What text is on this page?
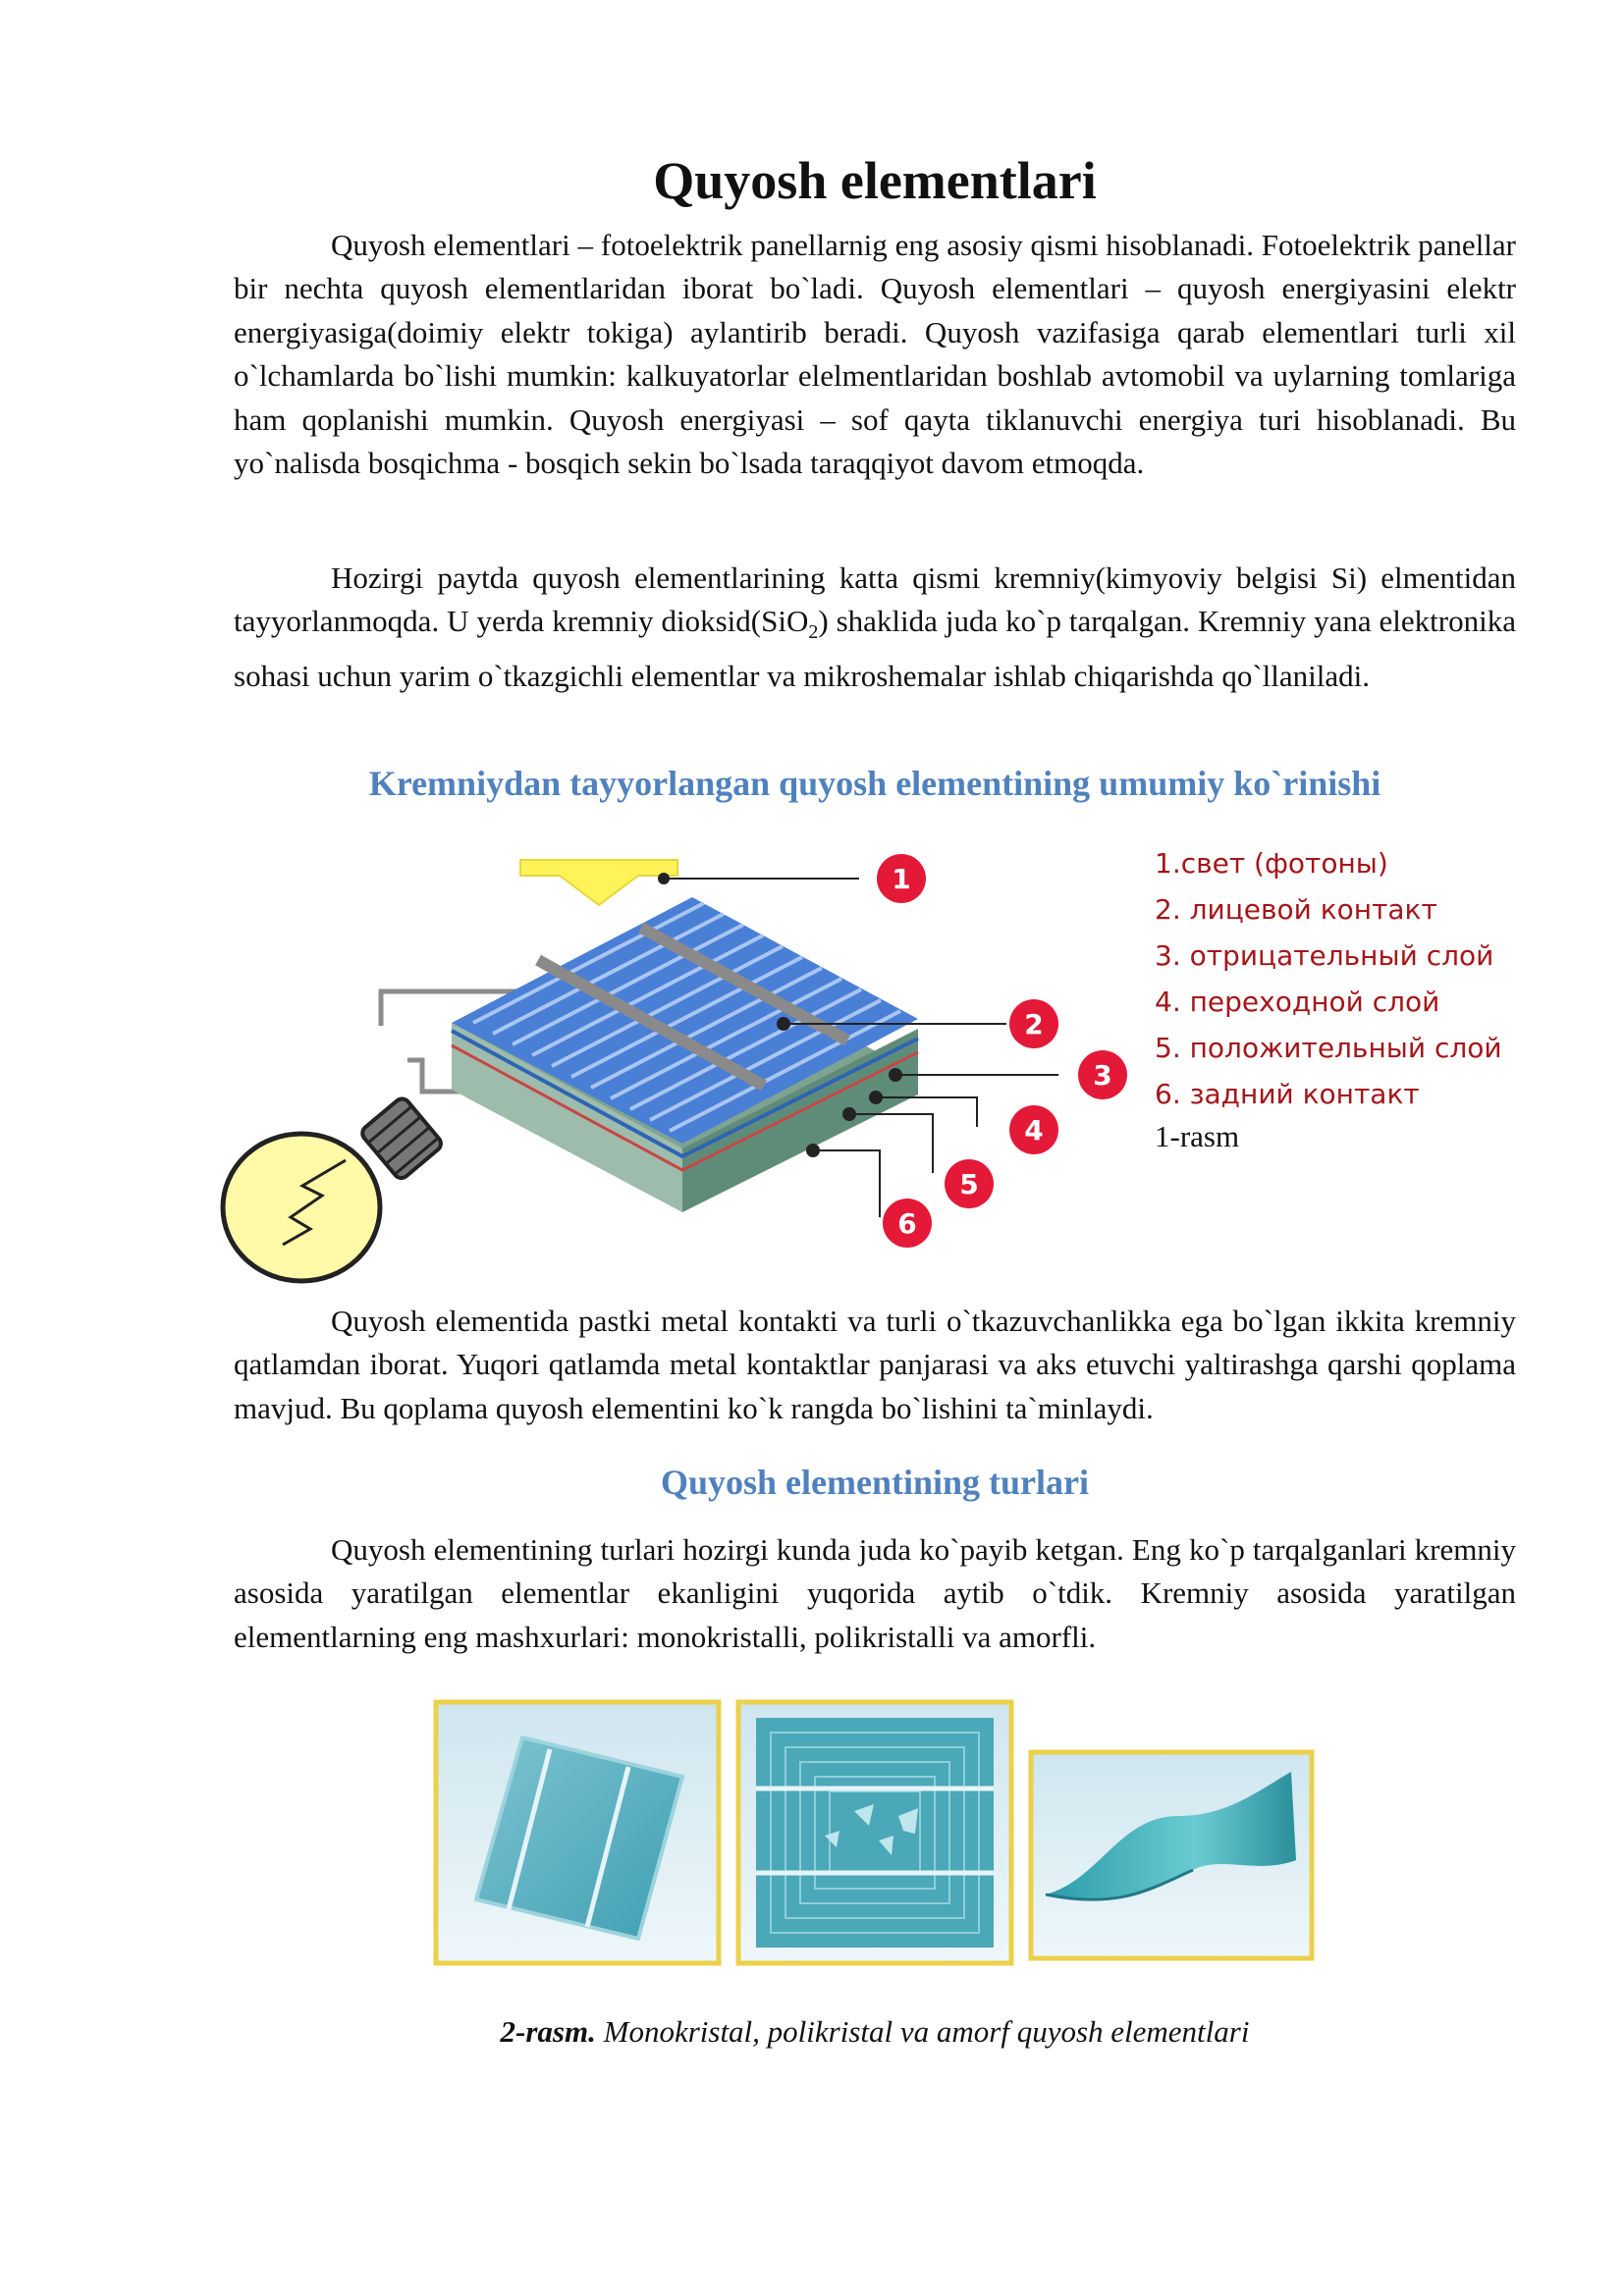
Quyosh elementlari
Quyosh elementlari – fotoelektrik panellarnig eng asosiy qismi hisoblanadi. Fotoelektrik panellar bir nechta quyosh elementlaridan iborat bo`ladi. Quyosh elementlari – quyosh energiyasini elektr energiyasiga(doimiy elektr tokiga) aylantirib beradi. Quyosh vazifasiga qarab elementlari turli xil o`lchamlarda bo`lishi mumkin: kalkuyatorlar elelmentlaridan boshlab avtomobil va uylarning tomlariga ham qoplanishi mumkin. Quyosh energiyasi – sof qayta tiklanuvchi energiya turi hisoblanadi. Bu yo`nalisda bosqichma - bosqich sekin bo`lsada taraqqiyot davom etmoqda.
Hozirgi paytda quyosh elementlarining katta qismi kremniy(kimyoviy belgisi Si) elmentidan tayyorlanmoqda. U yerda kremniy dioksid(SiO$_2$) shaklida juda ko`p tarqalgan. Kremniy yana elektronika sohasi uchun yarim o`tkazgichli elementlar va mikroshemalar ishlab chiqarishda qo`llaniladi.
Kremniydan tayyorlangan quyosh elementining umumiy ko`rinishi
1
2
3
4
5
6
1.свет (фотоны)
2. лицевой контакт
3. отрицательный слой
4. переходной слой
5. положительный слой
6. задний контакт
1-rasm
Quyosh elementida pastki metal kontakti va turli o`tkazuvchanlikka ega bo`lgan ikkita kremniy qatlamdan iborat. Yuqori qatlamda metal kontaktlar panjarasi va aks etuvchi yaltirashga qarshi qoplama mavjud. Bu qoplama quyosh elementini ko`k rangda bo`lishini ta`minlaydi.
Quyosh elementining turlari
Quyosh elementining turlari hozirgi kunda juda ko`payib ketgan. Eng ko`p tarqalganlari kremniy asosida yaratilgan elementlar ekanligini yuqorida aytib o`tdik. Kremniy asosida yaratilgan elementlarning eng mashxurlari: monokristalli, polikristalli va amorfli.
2-rasm. Monokristal, polikristal va amorf quyosh elementlari
